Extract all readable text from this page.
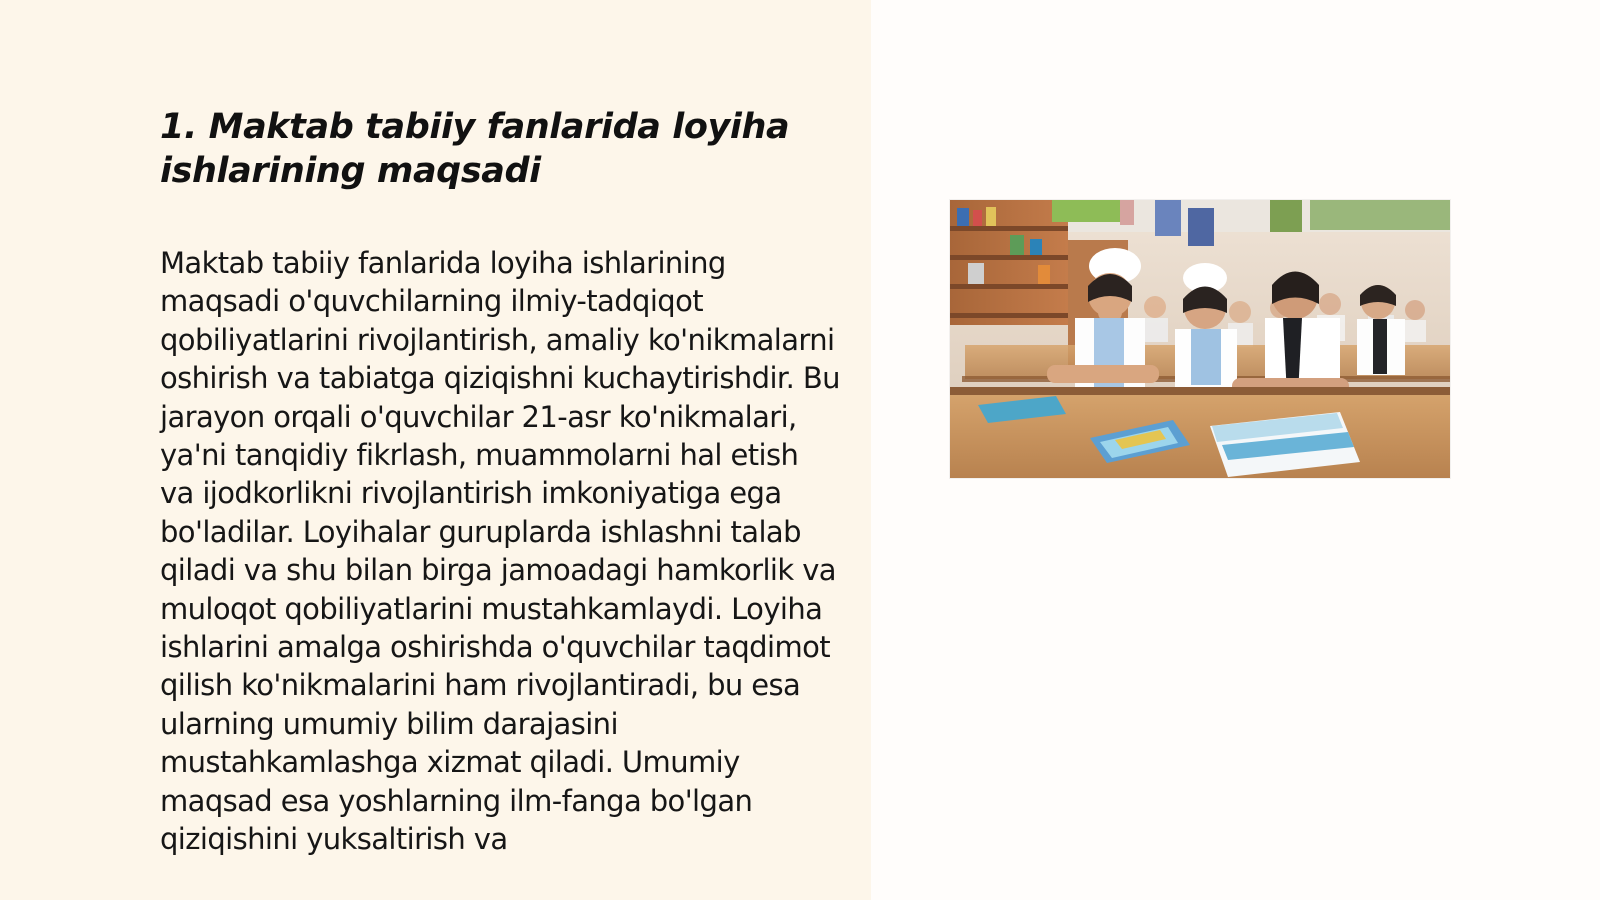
1. Maktab tabiiy fanlarida loyiha ishlarining maqsadi

Maktab tabiiy fanlarida loyiha ishlarining maqsadi o'quvchilarning ilmiy-tadqiqot qobiliyatlarini rivojlantirish, amaliy ko'nikmalarni oshirish va tabiatga qiziqishni kuchaytirishdir. Bu jarayon orqali o'quvchilar 21-asr ko'nikmalari, ya'ni tanqidiy fikrlash, muammolarni hal etish va ijodkorlikni rivojlantirish imkoniyatiga ega bo'ladilar. Loyihalar guruplarda ishlashni talab qiladi va shu bilan birga jamoadagi hamkorlik va muloqot qobiliyatlarini mustahkamlaydi. Loyiha ishlarini amalga oshirishda o'quvchilar taqdimot qilish ko'nikmalarini ham rivojlantiradi, bu esa ularning umumiy bilim darajasini mustahkamlashga xizmat qiladi. Umumiy maqsad esa yoshlarning ilm-fanga bo'lgan qiziqishini yuksaltirish va
